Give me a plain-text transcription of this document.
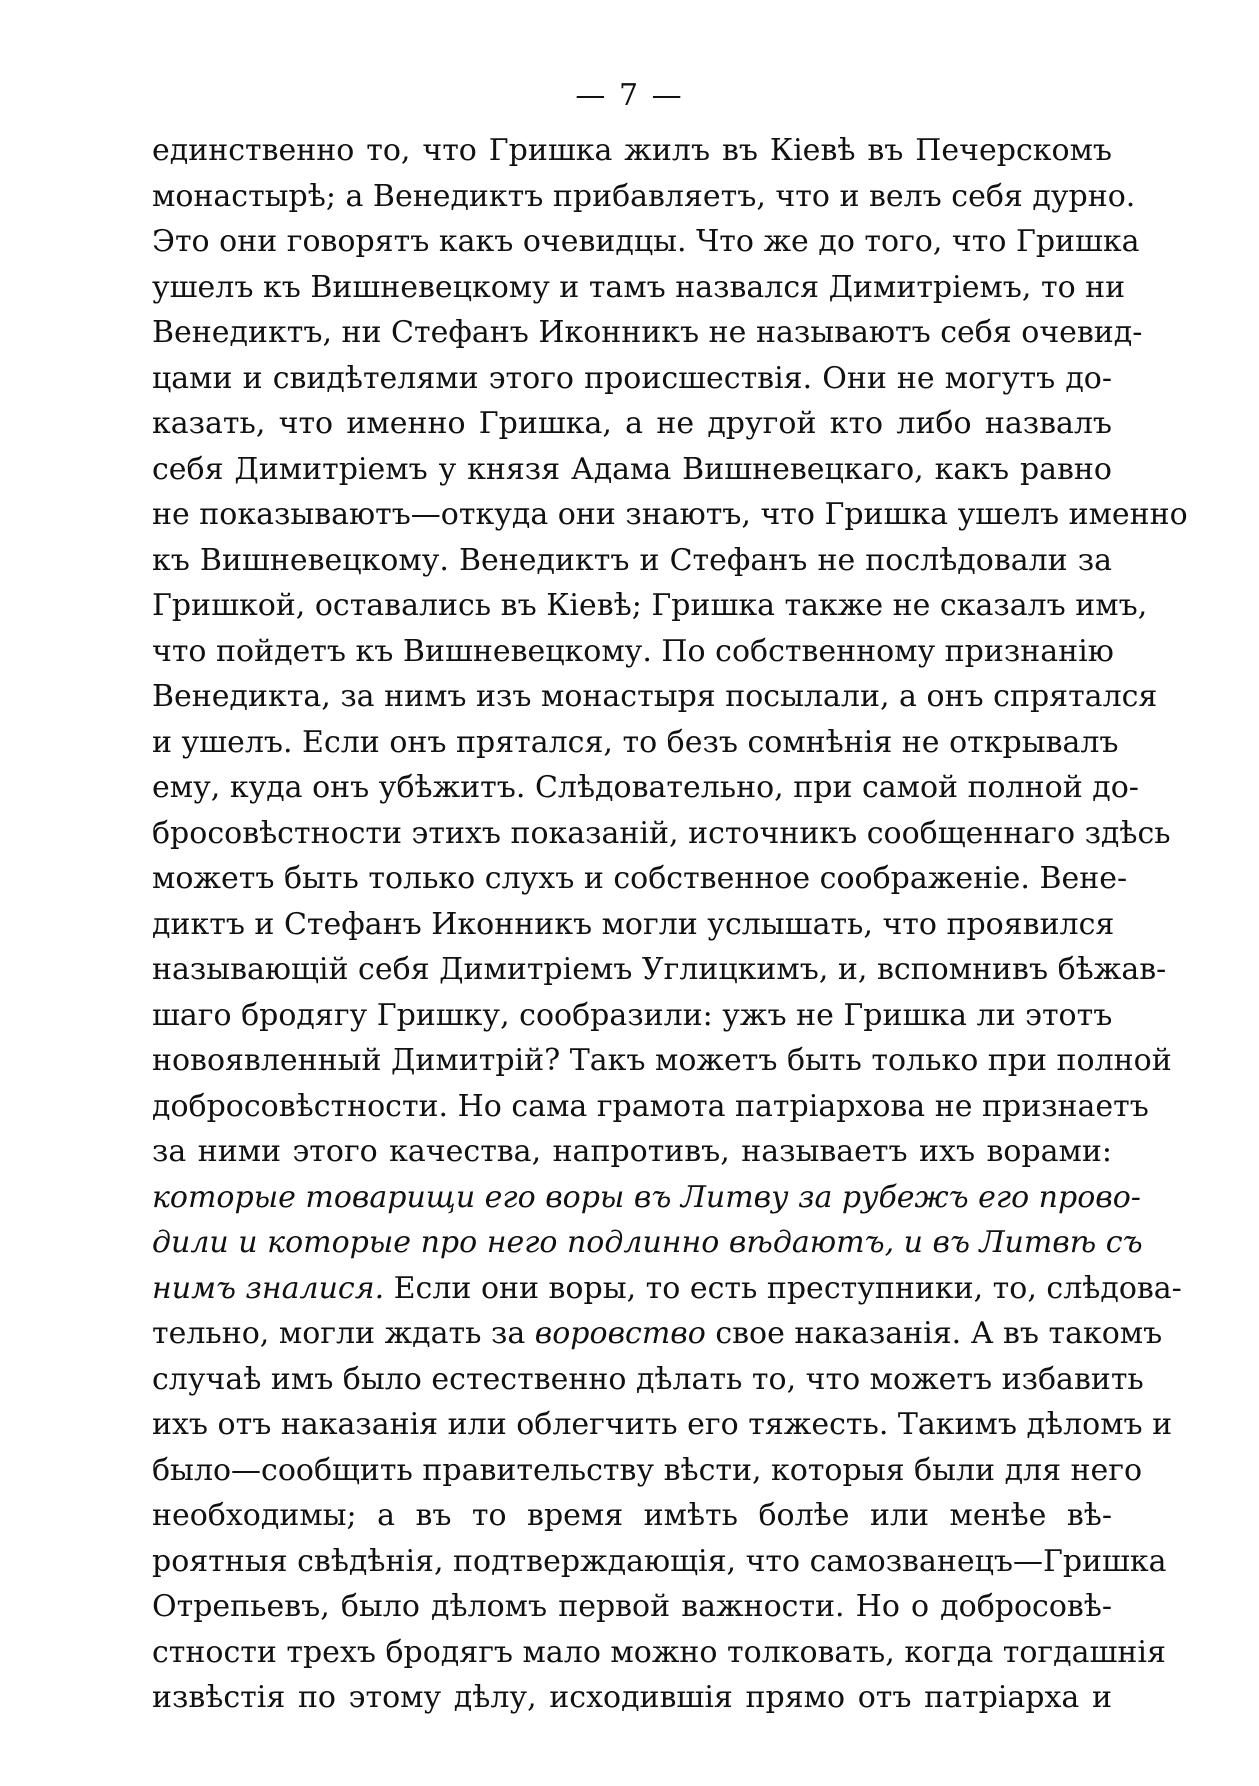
— 7 —
единственно то, что Гришка жилъ въ Кіевѣ въ Печерскомъ
монастырѣ; а Венедиктъ прибавляетъ, что и велъ себя дурно.
Это они говорятъ какъ очевидцы. Что же до того, что Гришка
ушелъ къ Вишневецкому и тамъ назвался Димитріемъ, то ни
Венедиктъ, ни Стефанъ Иконникъ не называютъ себя очевид-
цами и свидѣтелями этого происшествія. Они не могутъ до-
казать, что именно Гришка, а не другой кто либо назвалъ
себя Димитріемъ у князя Адама Вишневецкаго, какъ равно
не показываютъ—откуда они знаютъ, что Гришка ушелъ именно
къ Вишневецкому. Венедиктъ и Стефанъ не послѣдовали за
Гришкой, оставались въ Кіевѣ; Гришка также не сказалъ имъ,
что пойдетъ къ Вишневецкому. По собственному признанію
Венедикта, за нимъ изъ монастыря посылали, а онъ спрятался
и ушелъ. Если онъ прятался, то безъ сомнѣнія не открывалъ
ему, куда онъ убѣжитъ. Слѣдовательно, при самой полной до-
бросовѣстности этихъ показаній, источникъ сообщеннаго здѣсь
можетъ быть только слухъ и собственное соображеніе. Вене-
диктъ и Стефанъ Иконникъ могли услышать, что проявился
называющій себя Димитріемъ Углицкимъ, и, вспомнивъ бѣжав-
шаго бродягу Гришку, сообразили: ужъ не Гришка ли этотъ
новоявленный Димитрій? Такъ можетъ быть только при полной
добросовѣстности. Но сама грамота патріархова не признаетъ
за ними этого качества, напротивъ, называетъ ихъ ворами:
которые товарищи его воры въ Литву за рубежъ его прово-
дили и которые про него подлинно вѣдаютъ, и въ Литвѣ съ
нимъ зналися. Если они воры, то есть преступники, то, слѣдова-
тельно, могли ждать за воровство свое наказанія. А въ такомъ
случаѣ имъ было естественно дѣлать то, что можетъ избавить
ихъ отъ наказанія или облегчить его тяжесть. Такимъ дѣломъ и
было—сообщить правительству вѣсти, которыя были для него
необходимы; а въ то время имѣть болѣе или менѣе вѣ-
роятныя свѣдѣнія, подтверждающія, что самозванецъ—Гришка
Отрепьевъ, было дѣломъ первой важности. Но о добросовѣ-
стности трехъ бродягъ мало можно толковать, когда тогдашнія
извѣстія по этому дѣлу, исходившія прямо отъ патріарха и
